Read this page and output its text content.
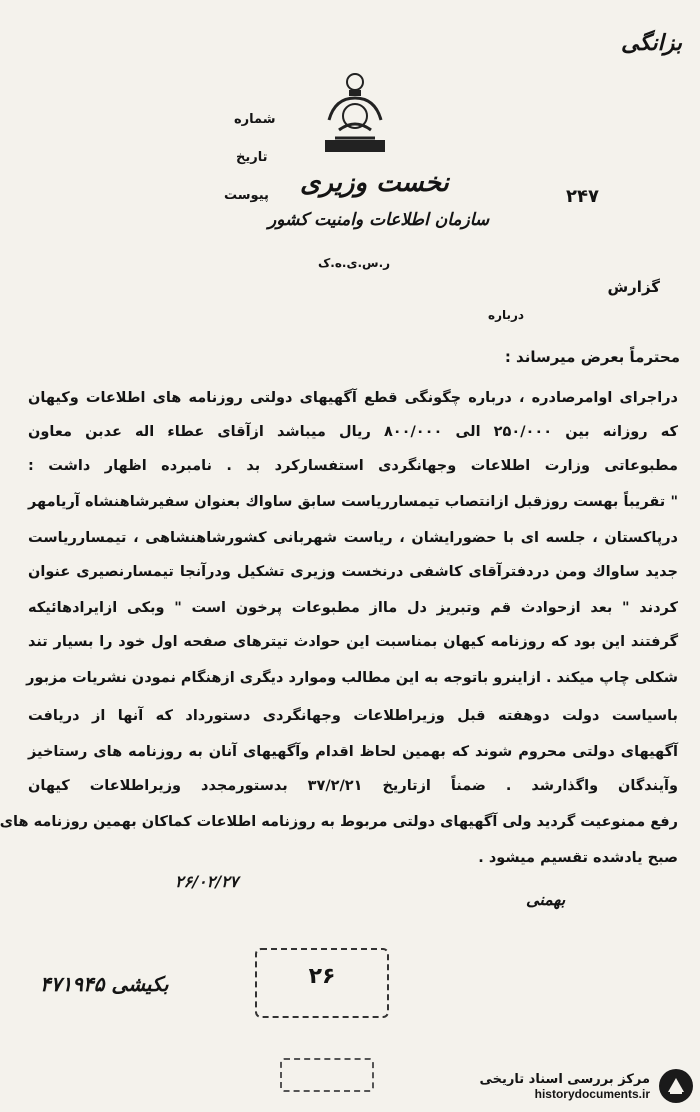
بزانگی
شماره
تاریخ
پیوست نخست وزیری
سازمان اطلاعات وامنیت کشور
ر.س.ی.ه.ک
۲۴۷
گزارش
درباره
محترماً بعرض میرساند :
دراجرای اوامرصادره ، درباره چگونگی قطع آگهیهای دولتی روزنامه های اطلاعات وکیهان
که روزانه بین ۲۵۰/۰۰۰ الی ۸۰۰/۰۰۰ ریال میباشد ازآقای عطاء اله عدبن معاون
مطبوعاتی وزارت اطلاعات وجهانگردی استفسارکرد بد . نامبرده اظهار داشت :
" تقریباً بهست روزقبل ازانتصاب تیمساررياست سابق ساواك بعنوان سفيرشاهنشاه آريامهر
درپاکستان ، جلسه ای با حضورایشان ، ریاست شهربانی کشورشاهنشاهی ، تیمسارریاست
جدید ساواك ومن دردفترآقای کاشفی درنخست وزیری تشکیل ودرآنجا تیمسارنصیری عنوان
کردند " بعد ازحوادث قم وتبریز دل مااز مطبوعات پرخون است " وبکی ازايرادهائيكه
گرفتند این بود که روزنامه کیهان بمناسبت این حوادث تیترهای صفحه اول خود را بسیار تند
شکلی چاپ میکند . ازاینرو باتوجه به این مطالب وموارد دیگری ازهنگام نمودن نشریات مزبور
باسیاست دولت دوهفته قبل وزیراطلاعات وجهانگردی دستورداد که آنها از دریافت
آگهیهای دولتی محروم شوند که بهمین لحاظ اقدام وآگهیهای آنان به روزنامه های رستاخیز
وآیندگان واگذارشد . ضمناً ازتاریخ ۳۷/۲/۲۱ بدستورمجدد وزیراطلاعات کیهان
رفع ممنوعیت گردید ولی آگهیهای دولتی مربوط به روزنامه اطلاعات کماکان بهمین روزنامه های
صبح یادشده تقسیم میشود .
۲۶/۰۲/۲۷
بهمنی
بکیشی ۴۷۱۹۴۵	۲۶
مرکز بررسی اسناد تاریخی
historydocuments.ir
